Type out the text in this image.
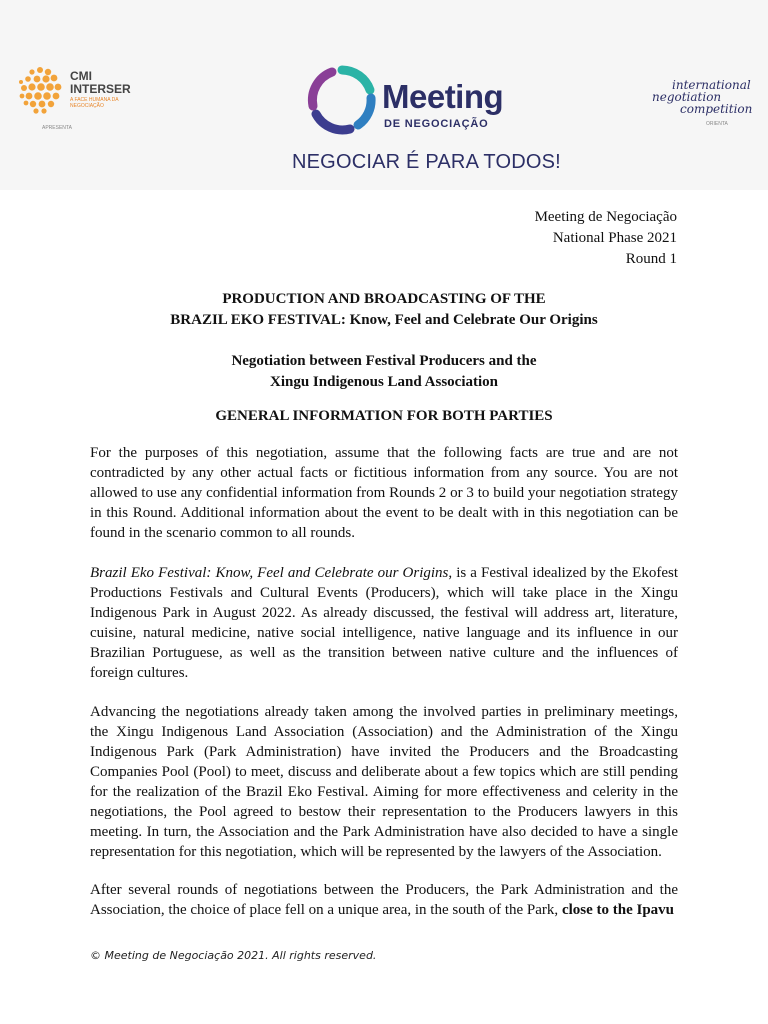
CMI
INTERSER
A FACE HUMANA DA NEGOCIAÇÃO
APRESENTA
Meeting
DE NEGOCIAÇÃO
NEGOCIAR É PARA TODOS!
international
negotiation
competition
ORIENTA
Meeting de Negociação
National Phase 2021
Round 1
PRODUCTION AND BROADCASTING OF THE
BRAZIL EKO FESTIVAL: Know, Feel and Celebrate Our Origins
Negotiation between Festival Producers and the
Xingu Indigenous Land Association
GENERAL INFORMATION FOR BOTH PARTIES
For the purposes of this negotiation, assume that the following facts are true and are not contradicted by any other actual facts or fictitious information from any source. You are not allowed to use any confidential information from Rounds 2 or 3 to build your negotiation strategy in this Round. Additional information about the event to be dealt with in this negotiation can be found in the scenario common to all rounds.
Brazil Eko Festival: Know, Feel and Celebrate our Origins, is a Festival idealized by the Ekofest Productions Festivals and Cultural Events (Producers), which will take place in the Xingu Indigenous Park in August 2022. As already discussed, the festival will address art, literature, cuisine, natural medicine, native social intelligence, native language and its influence in our Brazilian Portuguese, as well as the transition between native culture and the influences of foreign cultures.
Advancing the negotiations already taken among the involved parties in preliminary meetings, the Xingu Indigenous Land Association (Association) and the Administration of the Xingu Indigenous Park (Park Administration) have invited the Producers and the Broadcasting Companies Pool (Pool) to meet, discuss and deliberate about a few topics which are still pending for the realization of the Brazil Eko Festival. Aiming for more effectiveness and celerity in the negotiations, the Pool agreed to bestow their representation to the Producers lawyers in this meeting. In turn, the Association and the Park Administration have also decided to have a single representation for this negotiation, which will be represented by the lawyers of the Association.
After several rounds of negotiations between the Producers, the Park Administration and the Association, the choice of place fell on a unique area, in the south of the Park, close to the Ipavu
© Meeting de Negociação 2021. All rights reserved.
